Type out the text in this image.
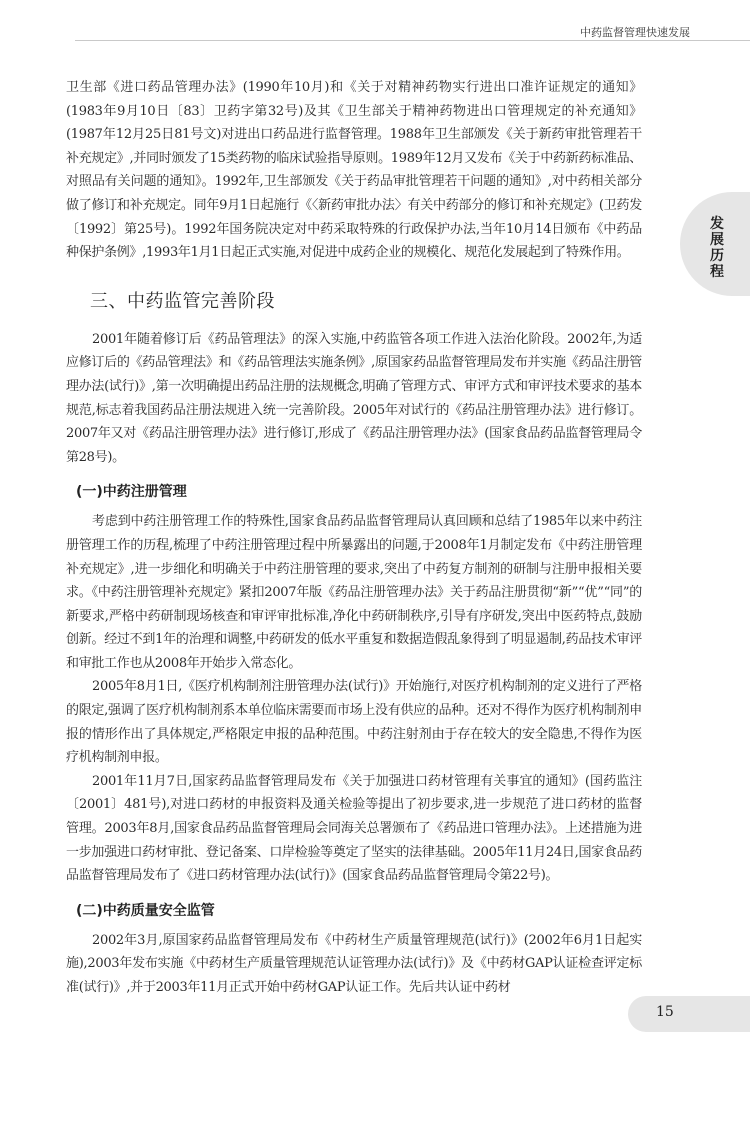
中药监督管理快速发展
发展历程

卫生部《进口药品管理办法》(1990年10月)和《关于对精神药物实行进出口准许证规定的通知》(1983年9月10日〔83〕卫药字第32号)及其《卫生部关于精神药物进出口管理规定的补充通知》(1987年12月25日81号文)对进出口药品进行监督管理。1988年卫生部颁发《关于新药审批管理若干补充规定》,并同时颁发了15类药物的临床试验指导原则。1989年12月又发布《关于中药新药标准品、对照品有关问题的通知》。1992年,卫生部颁发《关于药品审批管理若干问题的通知》,对中药相关部分做了修订和补充规定。同年9月1日起施行《〈新药审批办法〉有关中药部分的修订和补充规定》(卫药发〔1992〕第25号)。1992年国务院决定对中药采取特殊的行政保护办法,当年10月14日颁布《中药品种保护条例》,1993年1月1日起正式实施,对促进中成药企业的规模化、规范化发展起到了特殊作用。

三、中药监管完善阶段

2001年随着修订后《药品管理法》的深入实施,中药监管各项工作进入法治化阶段。2002年,为适应修订后的《药品管理法》和《药品管理法实施条例》,原国家药品监督管理局发布并实施《药品注册管理办法(试行)》,第一次明确提出药品注册的法规概念,明确了管理方式、审评方式和审评技术要求的基本规范,标志着我国药品注册法规进入统一完善阶段。2005年对试行的《药品注册管理办法》进行修订。2007年又对《药品注册管理办法》进行修订,形成了《药品注册管理办法》(国家食品药品监督管理局令第28号)。

(一)中药注册管理

考虑到中药注册管理工作的特殊性,国家食品药品监督管理局认真回顾和总结了1985年以来中药注册管理工作的历程,梳理了中药注册管理过程中所暴露出的问题,于2008年1月制定发布《中药注册管理补充规定》,进一步细化和明确关于中药注册管理的要求,突出了中药复方制剂的研制与注册申报相关要求。《中药注册管理补充规定》紧扣2007年版《药品注册管理办法》关于药品注册贯彻“新”“优”“同”的新要求,严格中药研制现场核查和审评审批标准,净化中药研制秩序,引导有序研发,突出中医药特点,鼓励创新。经过不到1年的治理和调整,中药研发的低水平重复和数据造假乱象得到了明显遏制,药品技术审评和审批工作也从2008年开始步入常态化。

2005年8月1日,《医疗机构制剂注册管理办法(试行)》开始施行,对医疗机构制剂的定义进行了严格的限定,强调了医疗机构制剂系本单位临床需要而市场上没有供应的品种。还对不得作为医疗机构制剂申报的情形作出了具体规定,严格限定申报的品种范围。中药注射剂由于存在较大的安全隐患,不得作为医疗机构制剂申报。

2001年11月7日,国家药品监督管理局发布《关于加强进口药材管理有关事宜的通知》(国药监注〔2001〕481号),对进口药材的申报资料及通关检验等提出了初步要求,进一步规范了进口药材的监督管理。2003年8月,国家食品药品监督管理局会同海关总署颁布了《药品进口管理办法》。上述措施为进一步加强进口药材审批、登记备案、口岸检验等奠定了坚实的法律基础。2005年11月24日,国家食品药品监督管理局发布了《进口药材管理办法(试行)》(国家食品药品监督管理局令第22号)。

(二)中药质量安全监管

2002年3月,原国家药品监督管理局发布《中药材生产质量管理规范(试行)》(2002年6月1日起实施),2003年发布实施《中药材生产质量管理规范认证管理办法(试行)》及《中药材GAP认证检查评定标准(试行)》,并于2003年11月正式开始中药材GAP认证工作。先后共认证中药材

15
